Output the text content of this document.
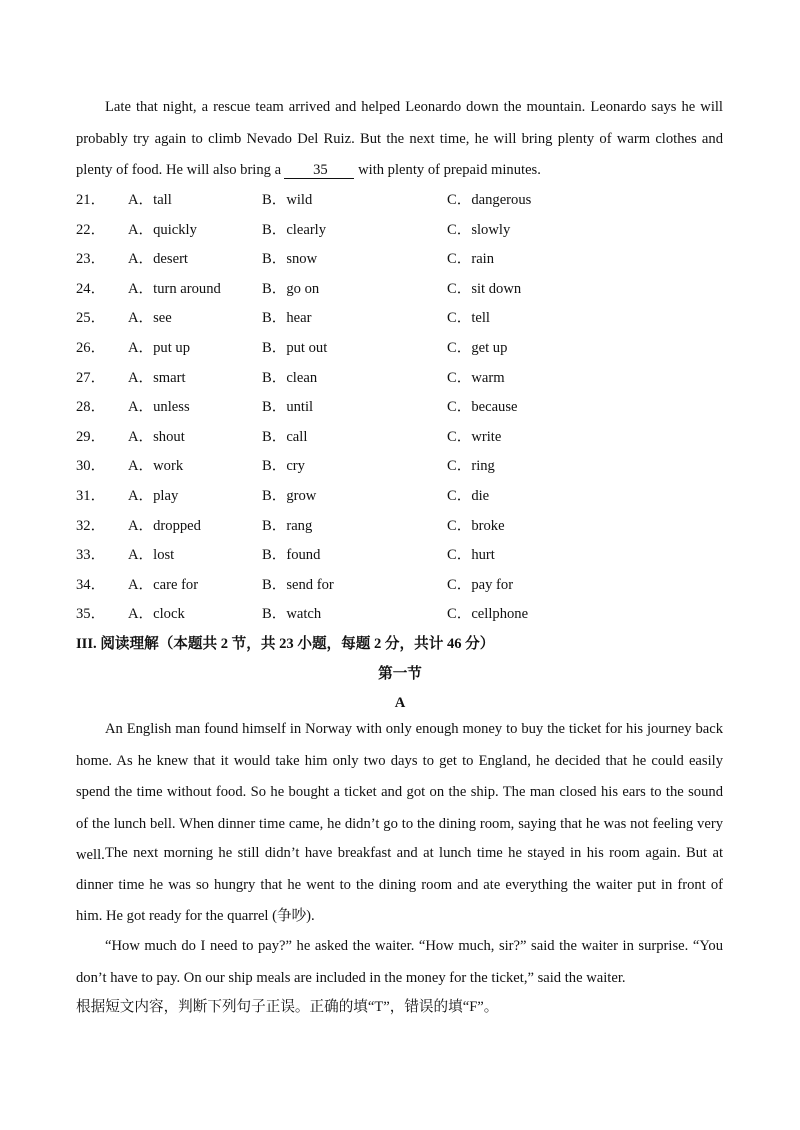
Late that night, a rescue team arrived and helped Leonardo down the mountain. Leonardo says he will probably try again to climb Nevado Del Ruiz. But the next time, he will bring plenty of warm clothes and plenty of food. He will also bring a 35 with plenty of prepaid minutes.
21． A．tall	B．wild	C．dangerous
22． A．quickly	B．clearly	C．slowly
23． A．desert	B．snow	C．rain
24． A．turn around	B．go on	C．sit down
25． A．see	B．hear	C．tell
26． A．put up	B．put out	C．get up
27． A．smart	B．clean	C．warm
28． A．unless	B．until	C．because
29． A．shout	B．call	C．write
30． A．work	B．cry	C．ring
31． A．play	B．grow	C．die
32． A．dropped	B．rang	C．broke
33． A．lost	B．found	C．hurt
34． A．care for	B．send for	C．pay for
35． A．clock	B．watch	C．cellphone
III. 阅读理解（本题共 2 节，共 23 小题，每题 2 分，共计 46 分）
第一节
A
An English man found himself in Norway with only enough money to buy the ticket for his journey back home. As he knew that it would take him only two days to get to England, he decided that he could easily spend the time without food. So he bought a ticket and got on the ship. The man closed his ears to the sound of the lunch bell. When dinner time came, he didn’t go to the dining room, saying that he was not feeling very well. The next morning he still didn’t have breakfast and at lunch time he stayed in his room again. But at dinner time he was so hungry that he went to the dining room and ate everything the waiter put in front of him. He got ready for the quarrel (争吵).
“How much do I need to pay?” he asked the waiter. “How much, sir?” said the waiter in surprise. “You don’t have to pay. On our ship meals are included in the money for the ticket,” said the waiter.
根据短文内容，判断下列句子正误。正确的填“T”，错误的填“F”。
